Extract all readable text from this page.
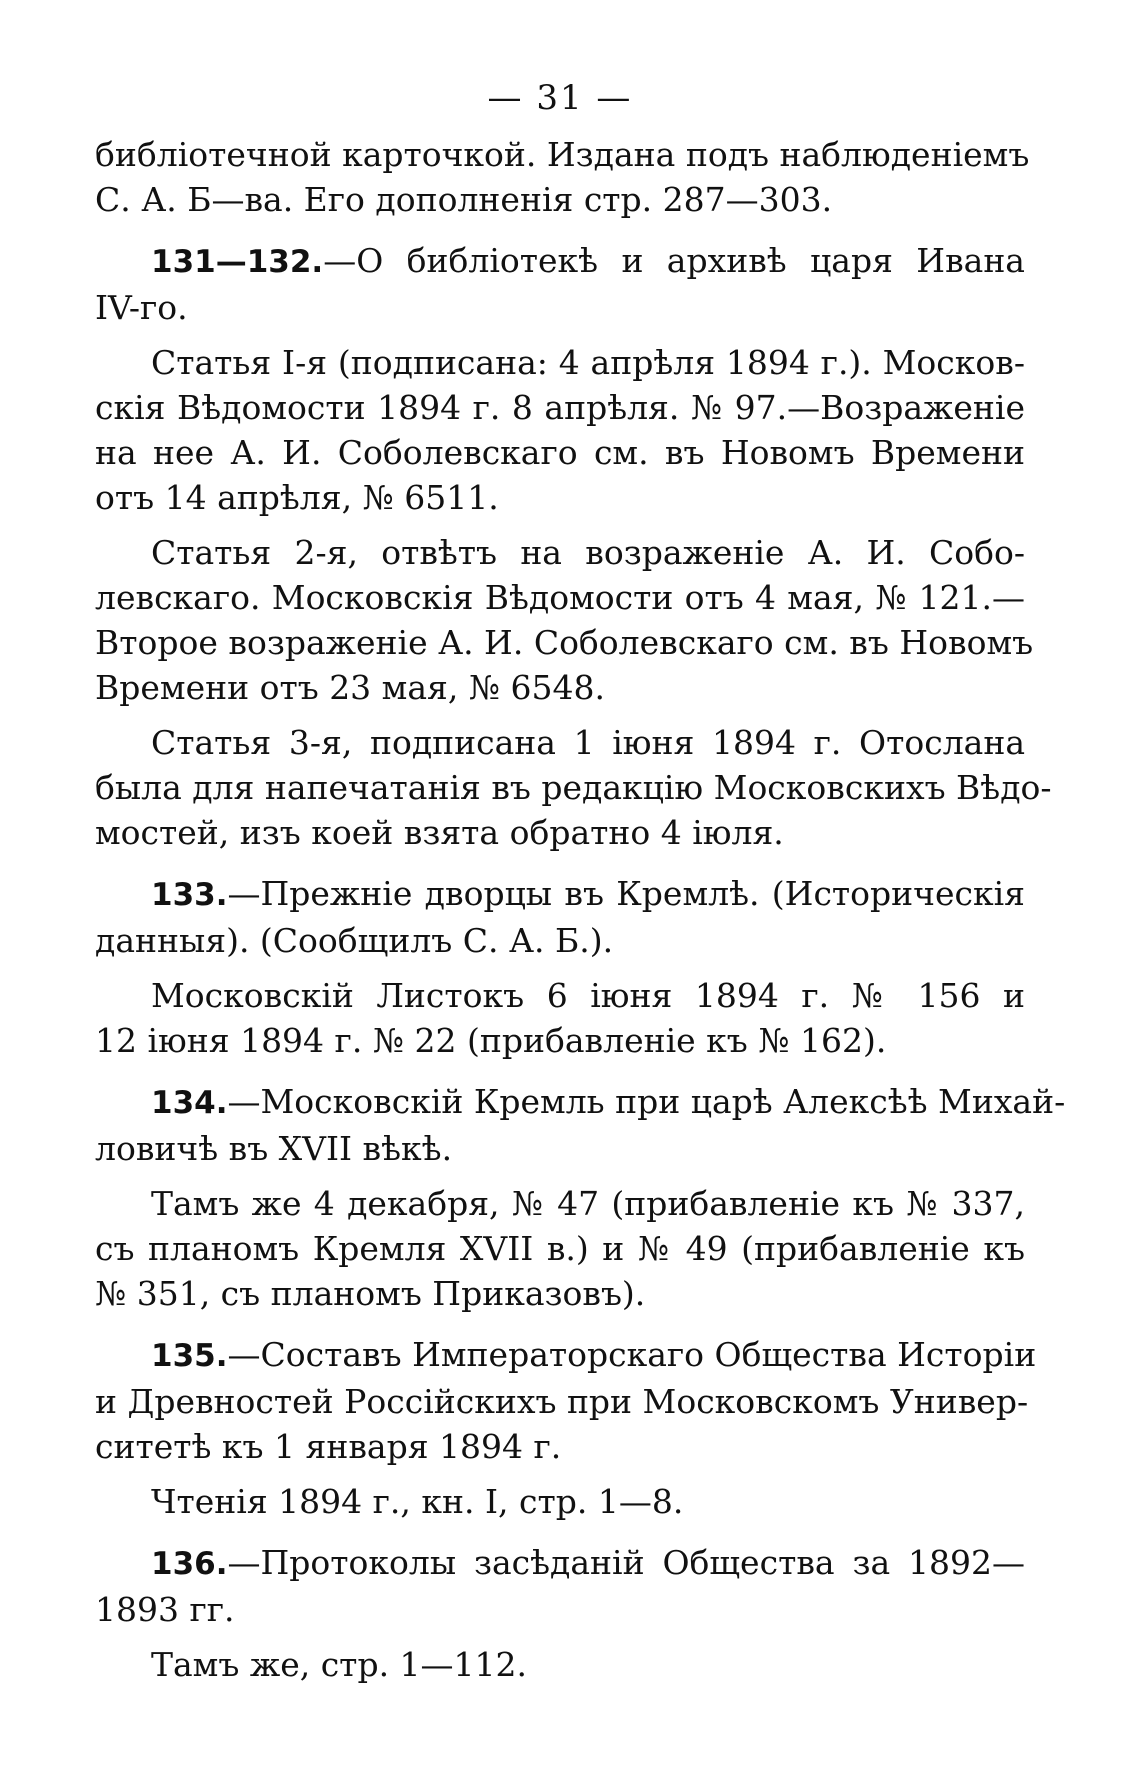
— 31 —
библіотечной карточкой. Издана подъ наблюденіемъ
С. А. Б—ва. Его дополненія стр. 287—303.
131—132.—О библіотекѣ и архивѣ царя Ивана
IV-го.
Статья I-я (подписана: 4 апрѣля 1894 г.). Москов-
скія Вѣдомости 1894 г. 8 апрѣля. № 97.—Возраженіе
на нее А. И. Соболевскаго см. въ Новомъ Времени
отъ 14 апрѣля, № 6511.
Статья 2-я, отвѣтъ на возраженіе А. И. Собо-
левскаго. Московскія Вѣдомости отъ 4 мая, № 121.—
Второе возраженіе А. И. Соболевскаго см. въ Новомъ
Времени отъ 23 мая, № 6548.
Статья 3-я, подписана 1 іюня 1894 г. Отослана
была для напечатанія въ редакцію Московскихъ Вѣдо-
мостей, изъ коей взята обратно 4 іюля.
133.—Прежніе дворцы въ Кремлѣ. (Историческія
данныя). (Сообщилъ С. А. Б.).
Московскій Листокъ 6 іюня 1894 г. № 156 и
12 іюня 1894 г. № 22 (прибавленіе къ № 162).
134.—Московскій Кремль при царѣ Алексѣѣ Михай-
ловичѣ въ XVII вѣкѣ.
Тамъ же 4 декабря, № 47 (прибавленіе къ № 337,
съ планомъ Кремля XVII в.) и № 49 (прибавленіе къ
№ 351, съ планомъ Приказовъ).
135.—Составъ Императорскаго Общества Исторіи
и Древностей Россійскихъ при Московскомъ Универ-
ситетѣ къ 1 января 1894 г.
Чтенія 1894 г., кн. I, стр. 1—8.
136.—Протоколы засѣданій Общества за 1892—
1893 гг.
Тамъ же, стр. 1—112.
